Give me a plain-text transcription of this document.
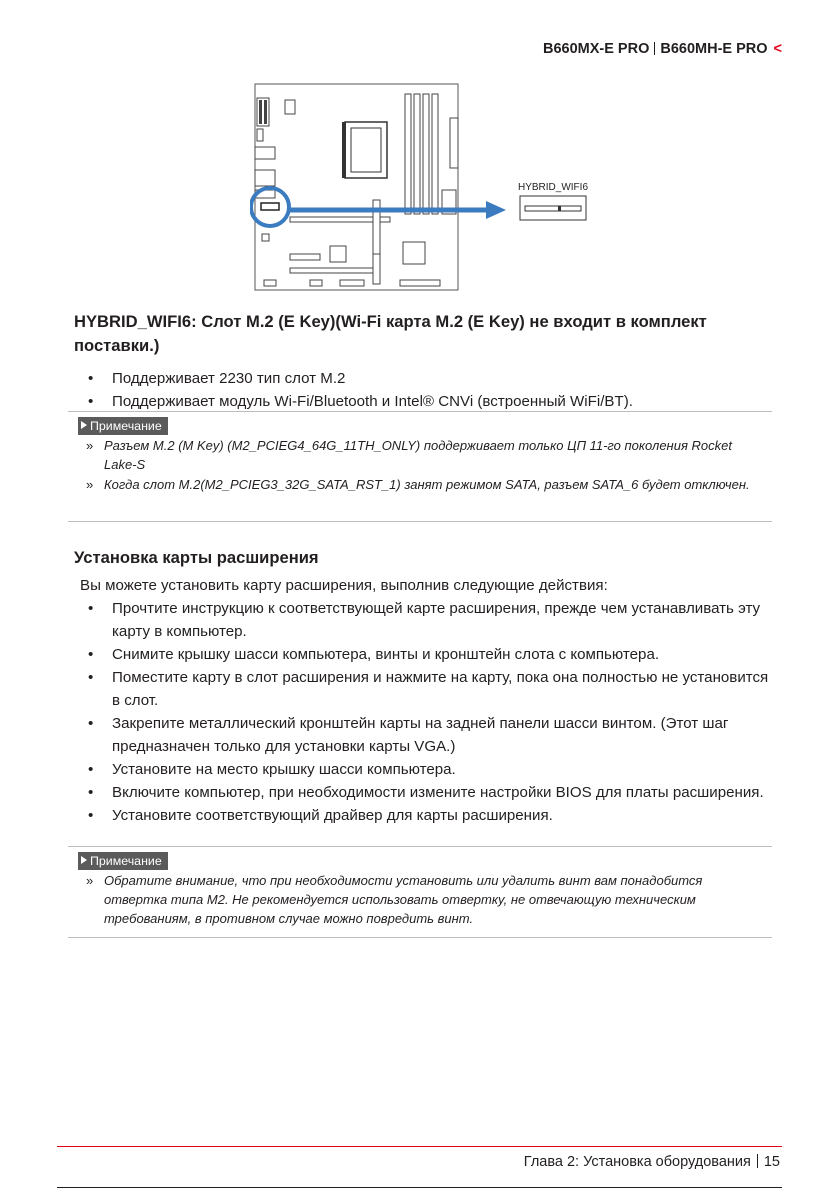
B660MX-E PRO B660MH-E PRO <
HYBRID_WIFI6
HYBRID_WIFI6: Слот M.2 (E Key)(Wi-Fi карта M.2 (E Key) не входит в комплект
поставки.)
• Поддерживает 2230 тип слот M.2
• Поддерживает модуль Wi-Fi/Bluetooth и Intel® CNVi (встроенный WiFi/BT).
Примечание
» Разъем M.2 (M Key) (M2_PCIEG4_64G_11TH_ONLY) поддерживает только ЦП 11-го поколения Rocket Lake-S
» Когда слот M.2(M2_PCIEG3_32G_SATA_RST_1) занят режимом SATA, разъем SATA_6 будет отключен.
Установка карты расширения
Вы можете установить карту расширения, выполнив следующие действия:
• Прочтите инструкцию к соответствующей карте расширения, прежде чем устанавливать эту карту в компьютер.
• Снимите крышку шасси компьютера, винты и кронштейн слота с компьютера.
• Поместите карту в слот расширения и нажмите на карту, пока она полностью не установится в слот.
• Закрепите металлический кронштейн карты на задней панели шасси винтом. (Этот шаг предназначен только для установки карты VGA.)
• Установите на место крышку шасси компьютера.
• Включите компьютер, при необходимости измените настройки BIOS для платы расширения.
• Установите соответствующий драйвер для карты расширения.
Примечание
» Обратите внимание, что при необходимости установить или удалить винт вам понадобится отвертка типа M2. Не рекомендуется использовать отвертку, не отвечающую техническим требованиям, в противном случае можно повредить винт.
Глава 2: Установка оборудования 15
